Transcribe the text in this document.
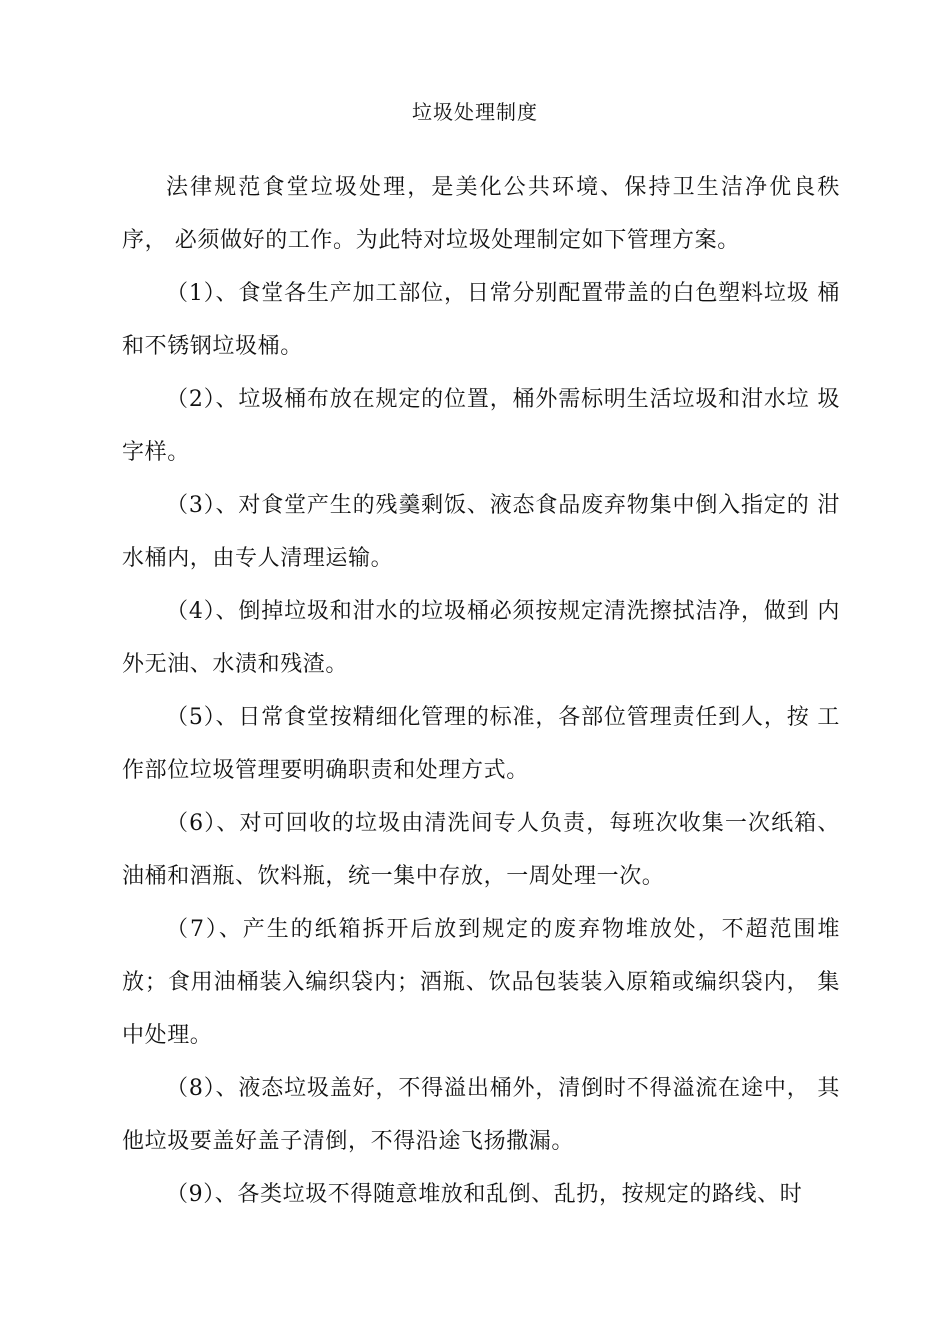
垃圾处理制度

法律规范食堂垃圾处理，是美化公共环境、保持卫生洁净优良秩序， 必须做好的工作。为此特对垃圾处理制定如下管理方案。

（1）、食堂各生产加工部位，日常分别配置带盖的白色塑料垃圾 桶和不锈钢垃圾桶。

（2）、垃圾桶布放在规定的位置，桶外需标明生活垃圾和泔水垃 圾字样。

（3）、对食堂产生的残羹剩饭、液态食品废弃物集中倒入指定的 泔水桶内，由专人清理运输。

（4）、倒掉垃圾和泔水的垃圾桶必须按规定清洗擦拭洁净，做到 内外无油、水渍和残渣。

（5）、日常食堂按精细化管理的标准，各部位管理责任到人，按 工作部位垃圾管理要明确职责和处理方式。

（6）、对可回收的垃圾由清洗间专人负责，每班次收集一次纸箱、油桶和酒瓶、饮料瓶，统一集中存放，一周处理一次。

（7）、产生的纸箱拆开后放到规定的废弃物堆放处，不超范围堆放；食用油桶装入编织袋内；酒瓶、饮品包装装入原箱或编织袋内， 集中处理。

（8）、液态垃圾盖好，不得溢出桶外，清倒时不得溢流在途中， 其他垃圾要盖好盖子清倒，不得沿途飞扬撒漏。

（9）、各类垃圾不得随意堆放和乱倒、乱扔，按规定的路线、时
